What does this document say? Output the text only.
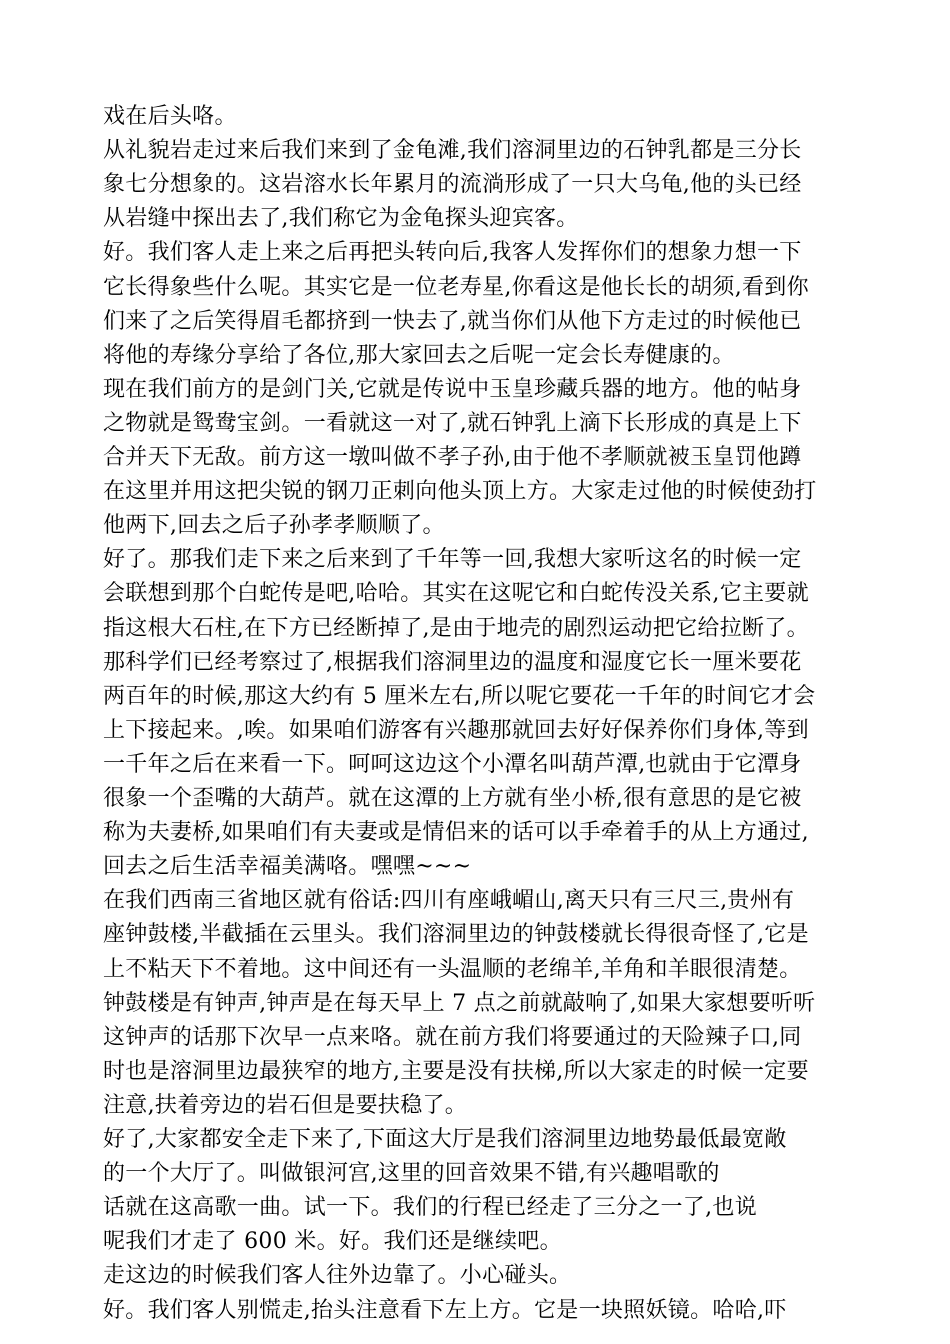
戏在后头咯。
从礼貌岩走过来后我们来到了金龟滩,我们溶洞里边的石钟乳都是三分长
象七分想象的。这岩溶水长年累月的流淌形成了一只大乌龟,他的头已经
从岩缝中探出去了,我们称它为金龟探头迎宾客。
好。我们客人走上来之后再把头转向后,我客人发挥你们的想象力想一下
它长得象些什么呢。其实它是一位老寿星,你看这是他长长的胡须,看到你
们来了之后笑得眉毛都挤到一快去了,就当你们从他下方走过的时候他已
将他的寿缘分享给了各位,那大家回去之后呢一定会长寿健康的。
现在我们前方的是剑门关,它就是传说中玉皇珍藏兵器的地方。他的帖身
之物就是鸳鸯宝剑。一看就这一对了,就石钟乳上滴下长形成的真是上下
合并天下无敌。前方这一墩叫做不孝子孙,由于他不孝顺就被玉皇罚他蹲
在这里并用这把尖锐的钢刀正刺向他头顶上方。大家走过他的时候使劲打
他两下,回去之后子孙孝孝顺顺了。
好了。那我们走下来之后来到了千年等一回,我想大家听这名的时候一定
会联想到那个白蛇传是吧,哈哈。其实在这呢它和白蛇传没关系,它主要就
指这根大石柱,在下方已经断掉了,是由于地壳的剧烈运动把它给拉断了。
那科学们已经考察过了,根据我们溶洞里边的温度和湿度它长一厘米要花
两百年的时候,那这大约有 5 厘米左右,所以呢它要花一千年的时间它才会
上下接起来。,唉。如果咱们游客有兴趣那就回去好好保养你们身体,等到
一千年之后在来看一下。呵呵这边这个小潭名叫葫芦潭,也就由于它潭身
很象一个歪嘴的大葫芦。就在这潭的上方就有坐小桥,很有意思的是它被
称为夫妻桥,如果咱们有夫妻或是情侣来的话可以手牵着手的从上方通过,
回去之后生活幸福美满咯。嘿嘿~~~
在我们西南三省地区就有俗话:四川有座峨嵋山,离天只有三尺三,贵州有
座钟鼓楼,半截插在云里头。我们溶洞里边的钟鼓楼就长得很奇怪了,它是
上不粘天下不着地。这中间还有一头温顺的老绵羊,羊角和羊眼很清楚。
钟鼓楼是有钟声,钟声是在每天早上 7 点之前就敲响了,如果大家想要听听
这钟声的话那下次早一点来咯。就在前方我们将要通过的天险辣子口,同
时也是溶洞里边最狭窄的地方,主要是没有扶梯,所以大家走的时候一定要
注意,扶着旁边的岩石但是要扶稳了。
好了,大家都安全走下来了,下面这大厅是我们溶洞里边地势最低最宽敞
的一个大厅了。叫做银河宫,这里的回音效果不错,有兴趣唱歌的
话就在这高歌一曲。试一下。我们的行程已经走了三分之一了,也说
呢我们才走了 600 米。好。我们还是继续吧。
走这边的时候我们客人往外边靠了。小心碰头。
好。我们客人别慌走,抬头注意看下左上方。它是一块照妖镜。哈哈,吓
